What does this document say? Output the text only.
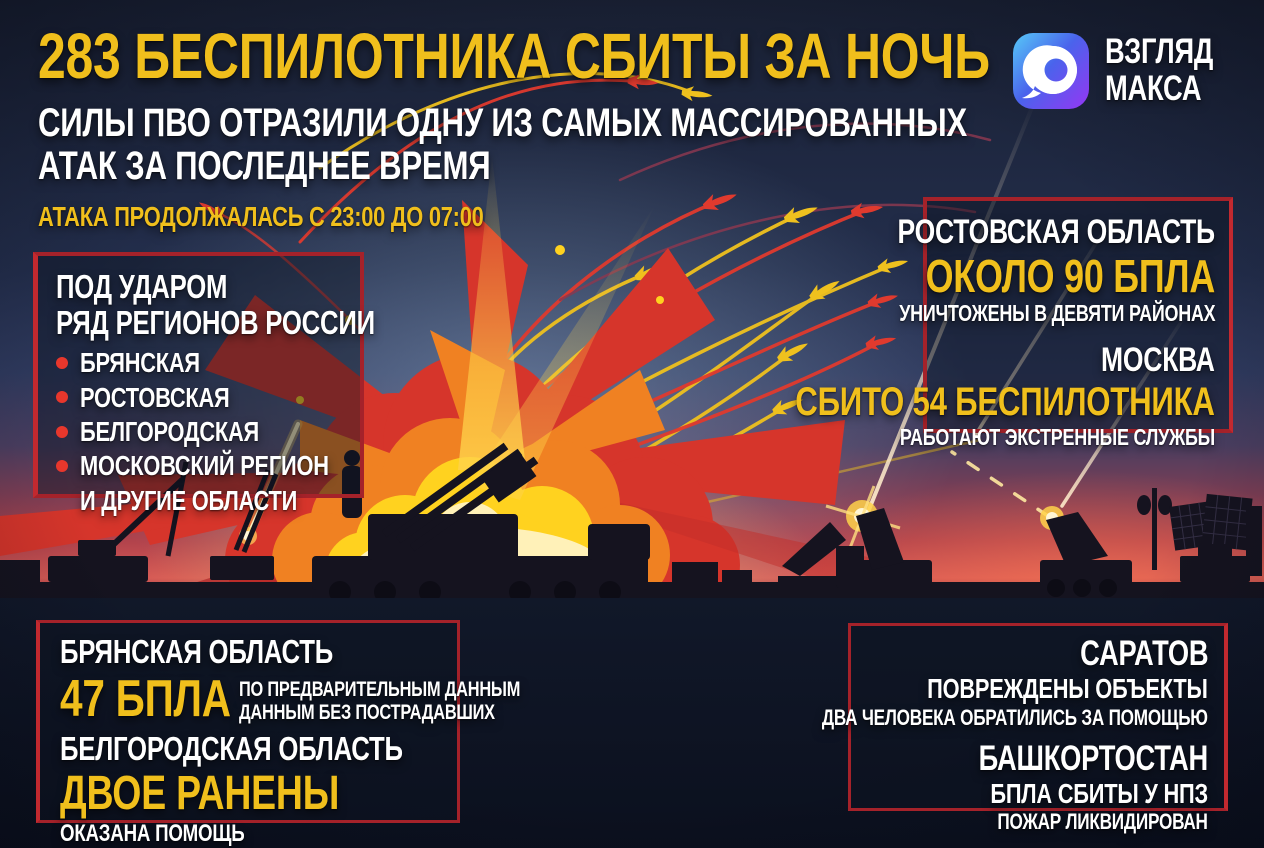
283 БЕСПИЛОТНИКА СБИТЫ ЗА НОЧЬ
СИЛЫ ПВО ОТРАЗИЛИ ОДНУ ИЗ САМЫХ МАССИРОВАННЫХ
АТАК ЗА ПОСЛЕДНЕЕ ВРЕМЯ
АТАКА ПРОДОЛЖАЛАСЬ С 23:00 ДО 07:00
ВЗГЛЯД
МАКСА
ПОД УДАРОМ
РЯД РЕГИОНОВ РОССИИ
БРЯНСКАЯ
РОСТОВСКАЯ
БЕЛГОРОДСКАЯ
МОСКОВСКИЙ РЕГИОН
И ДРУГИЕ ОБЛАСТИ
РОСТОВСКАЯ ОБЛАСТЬ
ОКОЛО 90 БПЛА
УНИЧТОЖЕНЫ В ДЕВЯТИ РАЙОНАХ
МОСКВА
СБИТО 54 БЕСПИЛОТНИКА
РАБОТАЮТ ЭКСТРЕННЫЕ СЛУЖБЫ
БРЯНСКАЯ ОБЛАСТЬ
47 БПЛА ПО ПРЕДВАРИТЕЛЬНЫМ ДАННЫМ
ДАННЫМ БЕЗ ПОСТРАДАВШИХ
БЕЛГОРОДСКАЯ ОБЛАСТЬ
ДВОЕ РАНЕНЫ
ОКАЗАНА ПОМОЩЬ
САРАТОВ
ПОВРЕЖДЕНЫ ОБЪЕКТЫ
ДВА ЧЕЛОВЕКА ОБРАТИЛИСЬ ЗА ПОМОЩЬЮ
БАШКОРТОСТАН
БПЛА СБИТЫ У НПЗ
ПОЖАР ЛИКВИДИРОВАН
